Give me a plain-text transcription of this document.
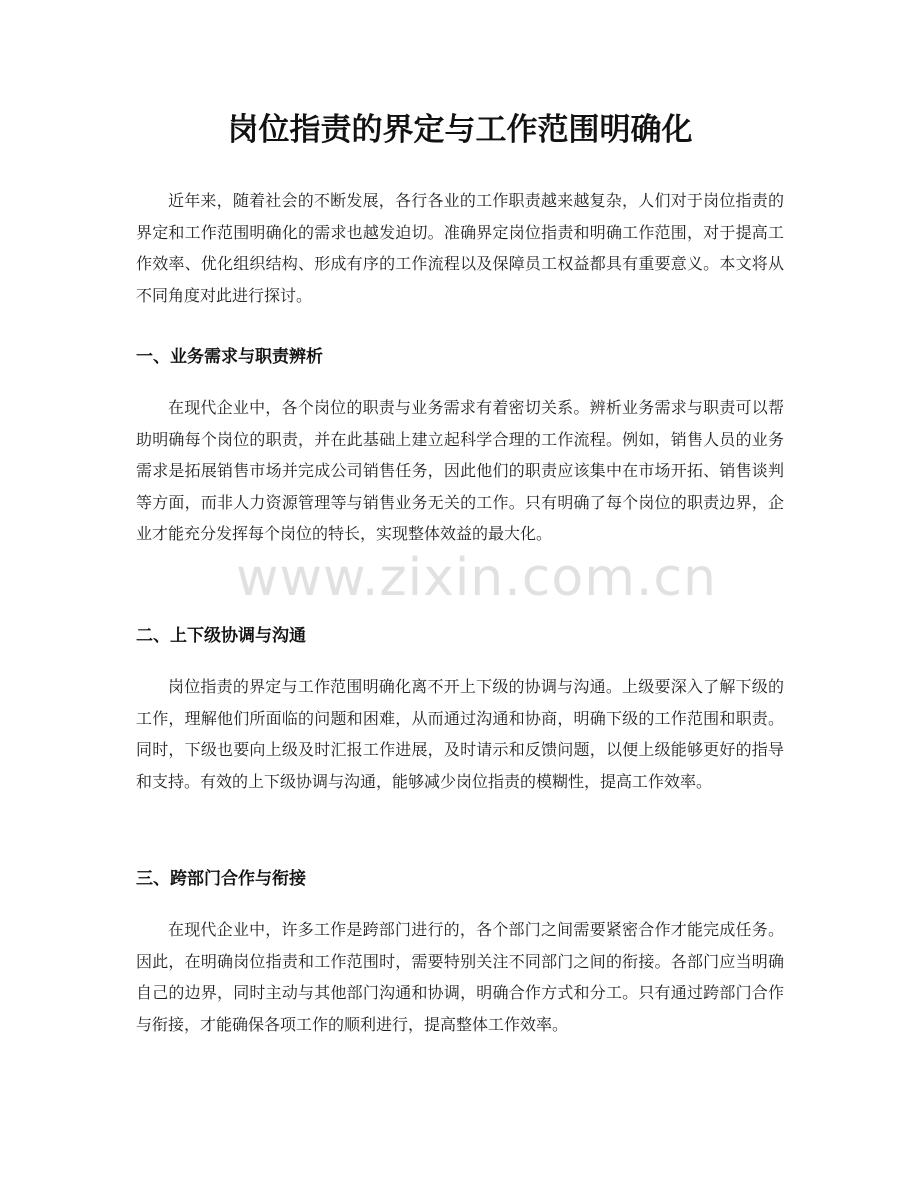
岗位指责的界定与工作范围明确化

近年来，随着社会的不断发展，各行各业的工作职责越来越复杂，人们对于岗位指责的界定和工作范围明确化的需求也越发迫切。准确界定岗位指责和明确工作范围，对于提高工作效率、优化组织结构、形成有序的工作流程以及保障员工权益都具有重要意义。本文将从不同角度对此进行探讨。

一、业务需求与职责辨析

在现代企业中，各个岗位的职责与业务需求有着密切关系。辨析业务需求与职责可以帮助明确每个岗位的职责，并在此基础上建立起科学合理的工作流程。例如，销售人员的业务需求是拓展销售市场并完成公司销售任务，因此他们的职责应该集中在市场开拓、销售谈判等方面，而非人力资源管理等与销售业务无关的工作。只有明确了每个岗位的职责边界，企业才能充分发挥每个岗位的特长，实现整体效益的最大化。

二、上下级协调与沟通

岗位指责的界定与工作范围明确化离不开上下级的协调与沟通。上级要深入了解下级的工作，理解他们所面临的问题和困难，从而通过沟通和协商，明确下级的工作范围和职责。同时，下级也要向上级及时汇报工作进展，及时请示和反馈问题，以便上级能够更好的指导和支持。有效的上下级协调与沟通，能够减少岗位指责的模糊性，提高工作效率。

三、跨部门合作与衔接

在现代企业中，许多工作是跨部门进行的，各个部门之间需要紧密合作才能完成任务。因此，在明确岗位指责和工作范围时，需要特别关注不同部门之间的衔接。各部门应当明确自己的边界，同时主动与其他部门沟通和协调，明确合作方式和分工。只有通过跨部门合作与衔接，才能确保各项工作的顺利进行，提高整体工作效率。

www.zixin.com.cn
